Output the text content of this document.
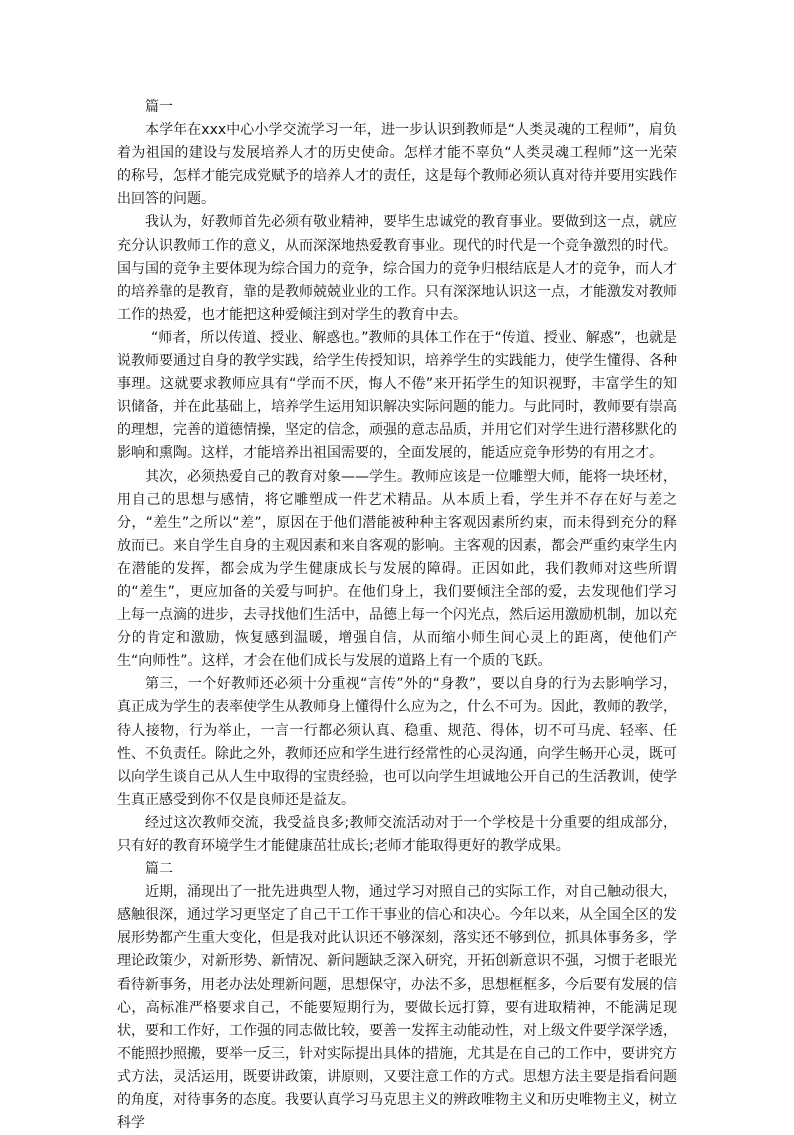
篇一

本学年在xxx中心小学交流学习一年，进一步认识到教师是“人类灵魂的工程师”，肩负着为祖国的建设与发展培养人才的历史使命。怎样才能不辜负“人类灵魂工程师”这一光荣的称号，怎样才能完成党赋予的培养人才的责任，这是每个教师必须认真对待并要用实践作出回答的问题。

我认为，好教师首先必须有敬业精神，要毕生忠诚党的教育事业。要做到这一点，就应充分认识教师工作的意义，从而深深地热爱教育事业。现代的时代是一个竞争激烈的时代。国与国的竞争主要体现为综合国力的竞争，综合国力的竞争归根结底是人才的竞争，而人才的培养靠的是教育，靠的是教师兢兢业业的工作。只有深深地认识这一点，才能激发对教师工作的热爱，也才能把这种爱倾注到对学生的教育中去。

“师者，所以传道、授业、解惑也。”教师的具体工作在于“传道、授业、解惑”，也就是说教师要通过自身的教学实践，给学生传授知识，培养学生的实践能力，使学生懂得、各种事理。这就要求教师应具有“学而不厌，悔人不倦”来开拓学生的知识视野，丰富学生的知识储备，并在此基础上，培养学生运用知识解决实际问题的能力。与此同时，教师要有崇高的理想，完善的道德情操，坚定的信念，顽强的意志品质，并用它们对学生进行潜移默化的影响和熏陶。这样，才能培养出祖国需要的，全面发展的，能适应竞争形势的有用之才。

其次，必须热爱自己的教育对象——学生。教师应该是一位雕塑大师，能将一块坯材，用自己的思想与感情，将它雕塑成一件艺术精品。从本质上看，学生并不存在好与差之分，“差生”之所以“差”，原因在于他们潜能被种种主客观因素所约束，而未得到充分的释放而已。来自学生自身的主观因素和来自客观的影响。主客观的因素，都会严重约束学生内在潜能的发挥，都会成为学生健康成长与发展的障碍。正因如此，我们教师对这些所谓的“差生”，更应加备的关爱与呵护。在他们身上，我们要倾注全部的爱，去发现他们学习上每一点滴的进步，去寻找他们生活中，品德上每一个闪光点，然后运用激励机制，加以充分的肯定和激励，恢复感到温暖，增强自信，从而缩小师生间心灵上的距离，使他们产生“向师性”。这样，才会在他们成长与发展的道路上有一个质的飞跃。

第三，一个好教师还必须十分重视“言传”外的“身教”，要以自身的行为去影响学习，真正成为学生的表率使学生从教师身上懂得什么应为之，什么不可为。因此，教师的教学，待人接物，行为举止，一言一行都必须认真、稳重、规范、得体，切不可马虎、轻率、任性、不负责任。除此之外，教师还应和学生进行经常性的心灵沟通，向学生畅开心灵，既可以向学生谈自己从人生中取得的宝贵经验，也可以向学生坦诚地公开自己的生活教训，使学生真正感受到你不仅是良师还是益友。

经过这次教师交流，我受益良多;教师交流活动对于一个学校是十分重要的组成部分，只有好的教育环境学生才能健康茁壮成长;老师才能取得更好的教学成果。

篇二

近期，涌现出了一批先进典型人物，通过学习对照自己的实际工作，对自己触动很大，感触很深，通过学习更坚定了自己干工作干事业的信心和决心。今年以来，从全国全区的发展形势都产生重大变化，但是我对此认识还不够深刻，落实还不够到位，抓具体事务多，学理论政策少，对新形势、新情况、新问题缺乏深入研究，开拓创新意识不强，习惯于老眼光看待新事务，用老办法处理新问题，思想保守，办法不多，思想框框多，今后要有发展的信心，高标准严格要求自己，不能要短期行为，要做长远打算，要有进取精神，不能满足现状，要和工作好，工作强的同志做比较，要善一发挥主动能动性，对上级文件要学深学透，不能照抄照搬，要举一反三，针对实际提出具体的措施，尤其是在自己的工作中，要讲究方式方法，灵活运用，既要讲政策，讲原则，又要注意工作的方式。思想方法主要是指看问题的角度，对待事务的态度。我要认真学习马克思主义的辨政唯物主义和历史唯物主义，树立科学
